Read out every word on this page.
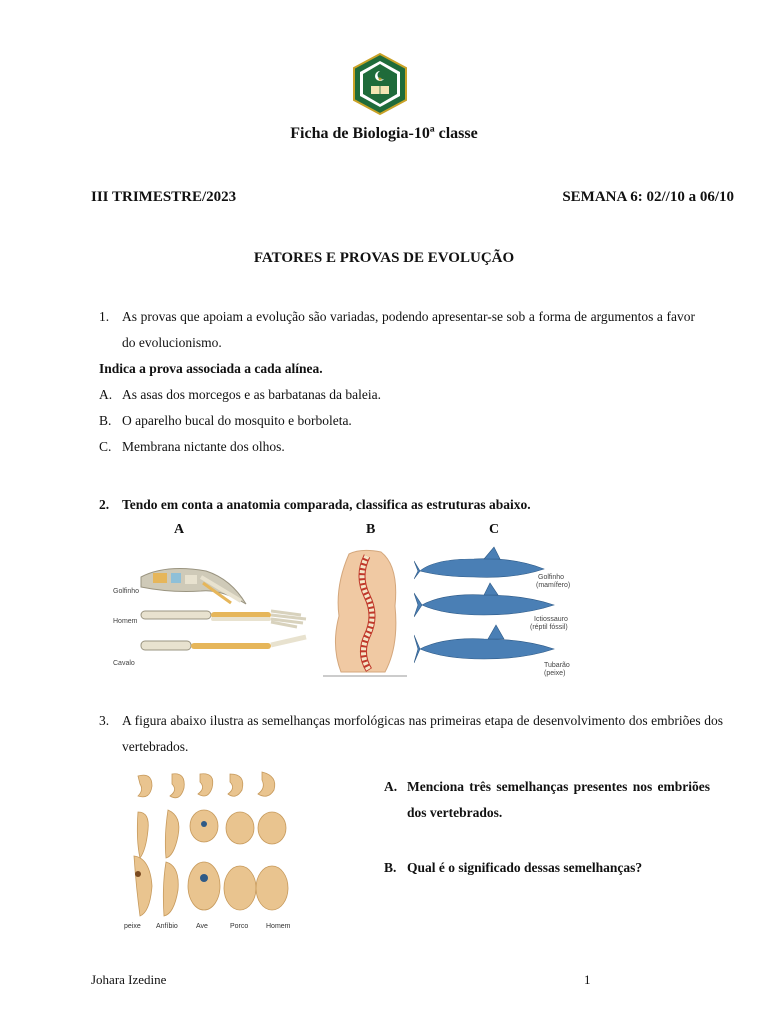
★
Ficha de Biologia-10ª classe
III TRIMESTRE/2023	SEMANA 6: 02//10 a 06/10
FATORES E PROVAS DE EVOLUÇÃO
1. As provas que apoiam a evolução são variadas, podendo apresentar-se sob a forma de argumentos a favor do evolucionismo.
Indica a prova associada a cada alínea.
A. As asas dos morcegos e as barbatanas da baleia.
B. O aparelho bucal do mosquito e borboleta.
C. Membrana nictante dos olhos.
2. Tendo em conta a anatomia comparada, classifica as estruturas abaixo.
A	B	C
Golfinho
Homem
Cavalo
Golfinho
(mamífero)
Ictiossauro
(réptil fóssil)
Tubarão
(peixe)
3. A figura abaixo ilustra as semelhanças morfológicas nas primeiras etapa de desenvolvimento dos embriões dos vertebrados.
peixe Anfíbio	Ave	Porco	Homem
A. Menciona três semelhanças presentes nos embriões dos vertebrados.
B. Qual é o significado dessas semelhanças?
Johara Izedine	1
